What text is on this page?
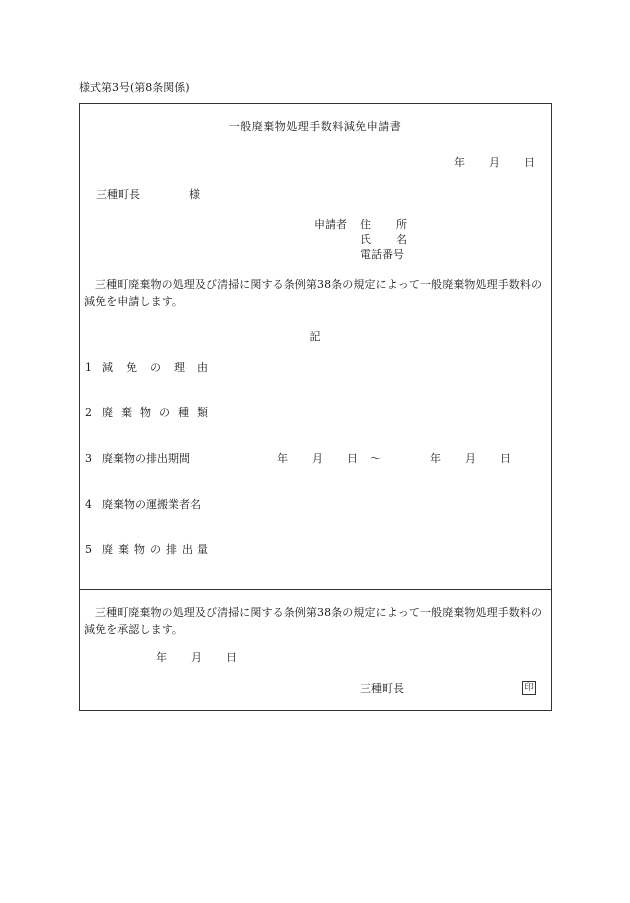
様式第3号(第8条関係)
一般廃棄物処理手数料減免申請書
年 月 日
三種町長	様
申請者 住 所
氏 名
電話番号
三種町廃棄物の処理及び清掃に関する条例第38条の規定によって一般廃棄物処理手数料の減免を申請します。
記
1 減 免 の 理 由
2 廃 棄 物 の 種 類
3 廃棄物の排出期間	年 月 日 ～	年 月 日
4 廃棄物の運搬業者名
5 廃 棄 物 の 排 出 量
三種町廃棄物の処理及び清掃に関する条例第38条の規定によって一般廃棄物処理手数料の減免を承認します。
年 月 日
三種町長	印
